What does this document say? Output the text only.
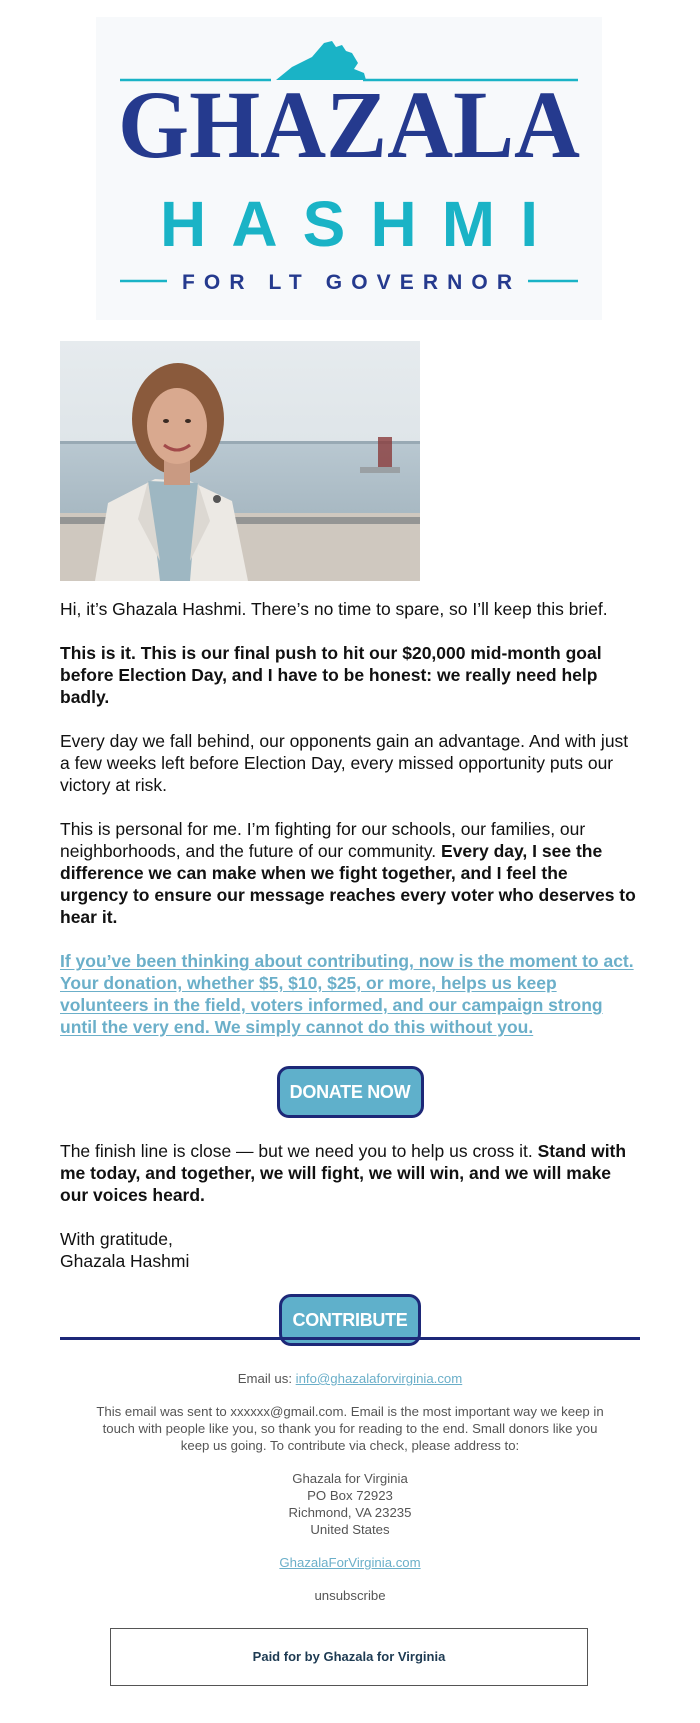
GHAZALA
HASHMI
FOR LT GOVERNOR

Hi, it’s Ghazala Hashmi. There’s no time to spare, so I’ll keep this brief.

This is it. This is our final push to hit our $20,000 mid-month goal before Election Day, and I have to be honest: we really need help badly.

Every day we fall behind, our opponents gain an advantage. And with just a few weeks left before Election Day, every missed opportunity puts our victory at risk.

This is personal for me. I’m fighting for our schools, our families, our neighborhoods, and the future of our community. Every day, I see the difference we can make when we fight together, and I feel the urgency to ensure our message reaches every voter who deserves to hear it.

If you’ve been thinking about contributing, now is the moment to act. Your donation, whether $5, $10, $25, or more, helps us keep volunteers in the field, voters informed, and our campaign strong until the very end. We simply cannot do this without you.

DONATE NOW

The finish line is close — but we need you to help us cross it. Stand with me today, and together, we will fight, we will win, and we will make our voices heard.

With gratitude,

Ghazala Hashmi

CONTRIBUTE

Email us: info@ghazalaforvirginia.com

This email was sent to xxxxxx@gmail.com. Email is the most important way we keep in touch with people like you, so thank you for reading to the end. Small donors like you keep us going. To contribute via check, please address to:

Ghazala for Virginia
PO Box 72923
Richmond, VA 23235
United States

GhazalaForVirginia.com

unsubscribe

Paid for by Ghazala for Virginia
